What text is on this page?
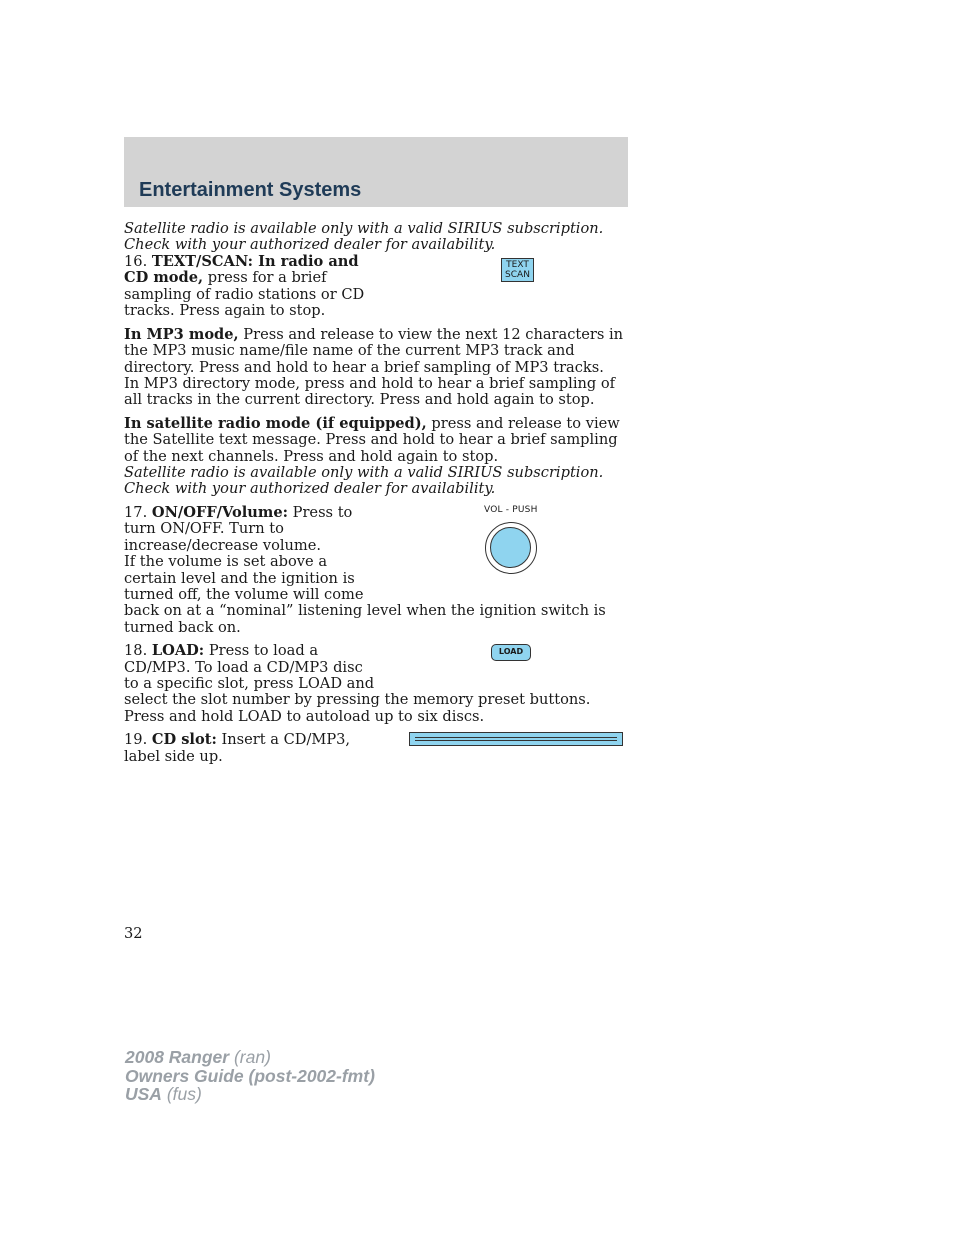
Entertainment Systems

Satellite radio is available only with a valid SIRIUS subscription. Check with your authorized dealer for availability.

TEXT
SCAN

16. TEXT/SCAN: In radio and CD mode, press for a brief sampling of radio stations or CD tracks. Press again to stop.

In MP3 mode, Press and release to view the next 12 characters in the MP3 music name/file name of the current MP3 track and directory. Press and hold to hear a brief sampling of MP3 tracks.

In MP3 directory mode, press and hold to hear a brief sampling of all tracks in the current directory. Press and hold again to stop.

In satellite radio mode (if equipped), press and release to view the Satellite text message. Press and hold to hear a brief sampling of the next channels. Press and hold again to stop.

Satellite radio is available only with a valid SIRIUS subscription. Check with your authorized dealer for availability.

VOL - PUSH

17. ON/OFF/Volume: Press to turn ON/OFF. Turn to increase/decrease volume.

If the volume is set above a certain level and the ignition is turned off, the volume will come back on at a “nominal” listening level when the ignition switch is turned back on.

LOAD

18. LOAD: Press to load a CD/MP3. To load a CD/MP3 disc to a specific slot, press LOAD and select the slot number by pressing the memory preset buttons. Press and hold LOAD to autoload up to six discs.

19. CD slot: Insert a CD/MP3, label side up.

32
2008 Ranger (ran)
Owners Guide (post-2002-fmt)
USA (fus)
